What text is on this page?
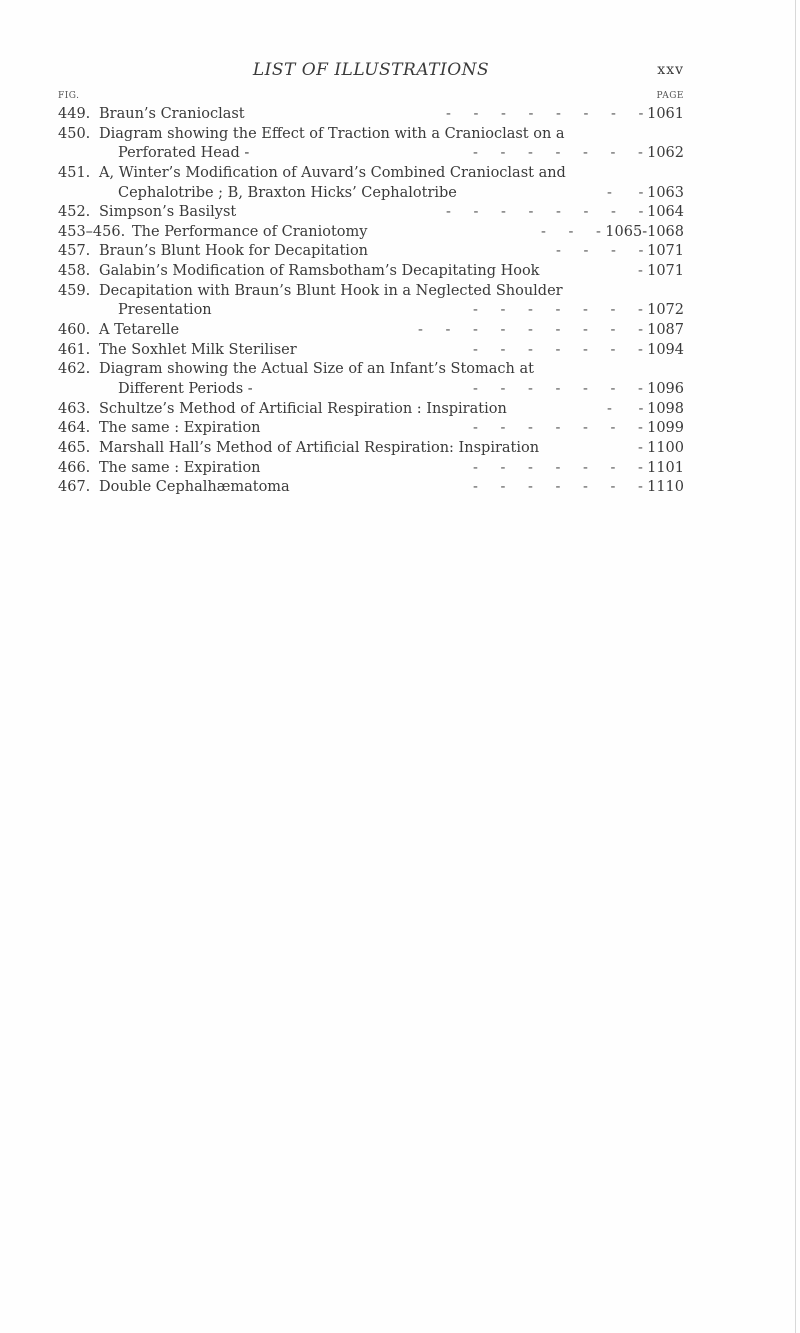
LIST OF ILLUSTRATIONS	xxv
FIG.	PAGE
449. Braun’s Cranioclast	- - - - - - - - 1061
450. Diagram showing the Effect of Traction with a Cranioclast on a
Perforated Head -	- - - - - - - 1062
451. A, Winter’s Modification of Auvard’s Combined Cranioclast and
Cephalotribe ; B, Braxton Hicks’ Cephalotribe	- - 1063
452. Simpson’s Basilyst	- - - - - - - - 1064
453–456. The Performance of Craniotomy	- - - 1065-1068
457. Braun’s Blunt Hook for Decapitation	- - - - 1071
458. Galabin’s Modification of Ramsbotham’s Decapitating Hook	- 1071
459. Decapitation with Braun’s Blunt Hook in a Neglected Shoulder
Presentation	- - - - - - - 1072
460. A Tetarelle	- - - - - - - - - 1087
461. The Soxhlet Milk Steriliser	- - - - - - - 1094
462. Diagram showing the Actual Size of an Infant’s Stomach at
Different Periods -	- - - - - - - 1096
463. Schultze’s Method of Artificial Respiration : Inspiration	- - 1098
464. The same : Expiration	- - - - - - - 1099
465. Marshall Hall’s Method of Artificial Respiration: Inspiration	- 1100
466. The same : Expiration	- - - - - - - 1101
467. Double Cephalhæmatoma	- - - - - - - 1110
